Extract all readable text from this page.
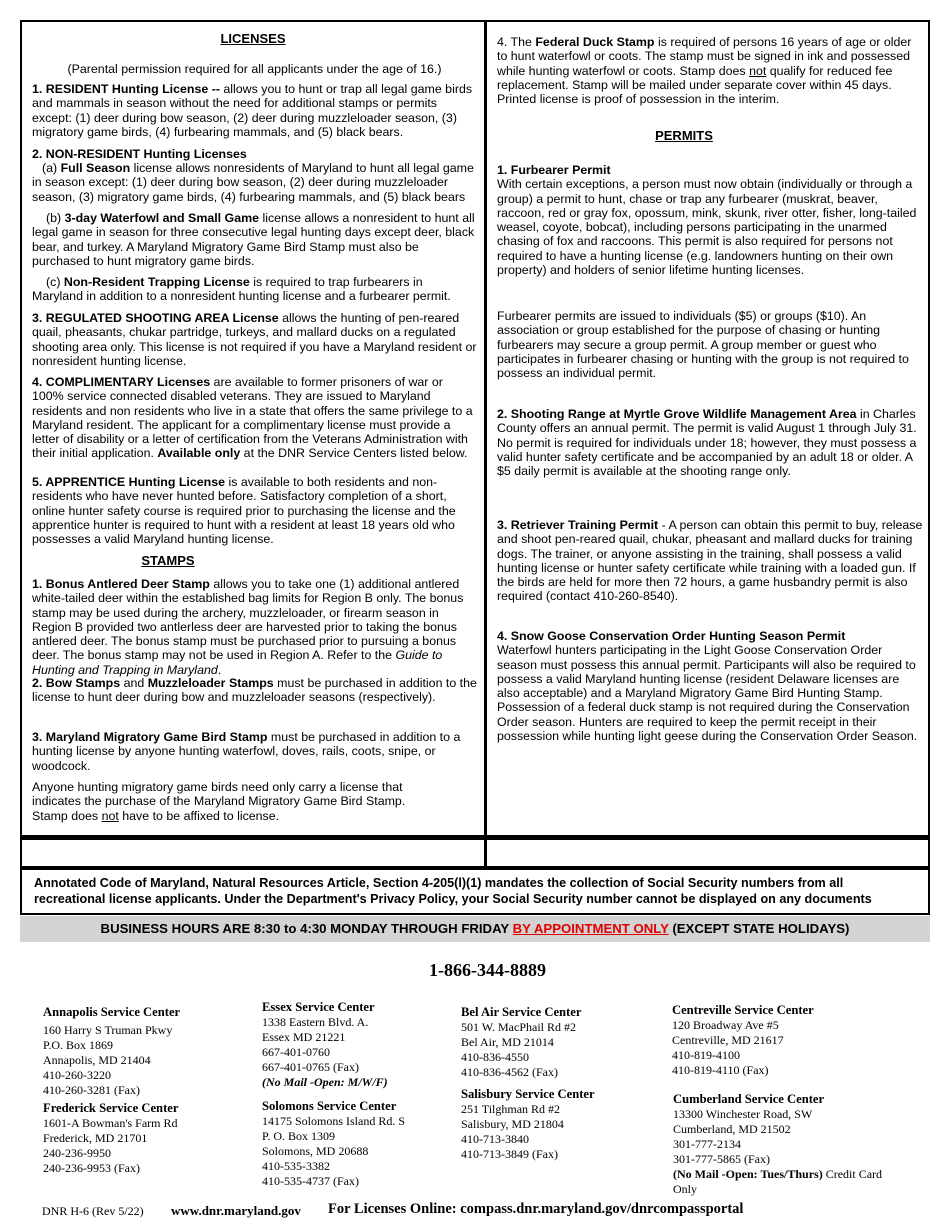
LICENSES

(Parental permission required for all applicants under the age of 16.)

1. RESIDENT Hunting License -- allows you to hunt or trap all legal game birds and mammals in season without the need for additional stamps or permits except: (1) deer during bow season, (2) deer during muzzleloader season, (3) migratory game birds, (4) furbearing mammals, and (5) black bears.

2. NON-RESIDENT Hunting Licenses

(a) Full Season license allows nonresidents of Maryland to hunt all legal game in season except: (1) deer during bow season, (2) deer during muzzleloader season, (3) migratory game birds, (4) furbearing mammals, and (5) black bears

(b) 3-day Waterfowl and Small Game license allows a nonresident to hunt all legal game in season for three consecutive legal hunting days except deer, black bear, and turkey. A Maryland Migratory Game Bird Stamp must also be purchased to hunt migratory game birds.

(c) Non-Resident Trapping License is required to trap furbearers in Maryland in addition to a nonresident hunting license and a furbearer permit.

3. REGULATED SHOOTING AREA License allows the hunting of pen-reared quail, pheasants, chukar partridge, turkeys, and mallard ducks on a regulated shooting area only. This license is not required if you have a Maryland resident or nonresident hunting license.

4. COMPLIMENTARY Licenses are available to former prisoners of war or 100% service connected disabled veterans. They are issued to Maryland residents and non residents who live in a state that offers the same privilege to a Maryland resident. The applicant for a complimentary license must provide a letter of disability or a letter of certification from the Veterans Administration with their initial application. Available only at the DNR Service Centers listed below.

5. APPRENTICE Hunting License is available to both residents and non-residents who have never hunted before. Satisfactory completion of a short, online hunter safety course is required prior to purchasing the license and the apprentice hunter is required to hunt with a resident at least 18 years old who possesses a valid Maryland hunting license.

STAMPS

1. Bonus Antlered Deer Stamp allows you to take one (1) additional antlered white-tailed deer within the established bag limits for Region B only. The bonus stamp may be used during the archery, muzzleloader, or firearm season in Region B provided two antlerless deer are harvested prior to taking the bonus antlered deer. The bonus stamp must be purchased prior to pursuing a bonus deer. The bonus stamp may not be used in Region A. Refer to the Guide to Hunting and Trapping in Maryland.

2. Bow Stamps and Muzzleloader Stamps must be purchased in addition to the license to hunt deer during bow and muzzleloader seasons (respectively).

3. Maryland Migratory Game Bird Stamp must be purchased in addition to a hunting license by anyone hunting waterfowl, doves, rails, coots, snipe, or woodcock.

Anyone hunting migratory game birds need only carry a license that indicates the purchase of the Maryland Migratory Game Bird Stamp. Stamp does not have to be affixed to license.

4. The Federal Duck Stamp is required of persons 16 years of age or older to hunt waterfowl or coots. The stamp must be signed in ink and possessed while hunting waterfowl or coots. Stamp does not qualify for reduced fee replacement. Stamp will be mailed under separate cover within 45 days. Printed license is proof of possession in the interim.

PERMITS

1. Furbearer Permit
With certain exceptions, a person must now obtain (individually or through a group) a permit to hunt, chase or trap any furbearer (muskrat, beaver, raccoon, red or gray fox, opossum, mink, skunk, river otter, fisher, long-tailed weasel, coyote, bobcat), including persons participating in the unarmed chasing of fox and raccoons. This permit is also required for persons not required to have a hunting license (e.g. landowners hunting on their own property) and holders of senior lifetime hunting licenses.

Furbearer permits are issued to individuals ($5) or groups ($10). An association or group established for the purpose of chasing or hunting furbearers may secure a group permit. A group member or guest who participates in furbearer chasing or hunting with the group is not required to possess an individual permit.

2. Shooting Range at Myrtle Grove Wildlife Management Area in Charles County offers an annual permit. The permit is valid August 1 through July 31. No permit is required for individuals under 18; however, they must possess a valid hunter safety certificate and be accompanied by an adult 18 or older. A $5 daily permit is available at the shooting range only.

3. Retriever Training Permit - A person can obtain this permit to buy, release and shoot pen-reared quail, chukar, pheasant and mallard ducks for training dogs. The trainer, or anyone assisting in the training, shall possess a valid hunting license or hunter safety certificate while training with a loaded gun. If the birds are held for more then 72 hours, a game husbandry permit is also required (contact 410-260-8540).

4. Snow Goose Conservation Order Hunting Season Permit
Waterfowl hunters participating in the Light Goose Conservation Order season must possess this annual permit. Participants will also be required to possess a valid Maryland hunting license (resident Delaware licenses are also acceptable) and a Maryland Migratory Game Bird Hunting Stamp. Possession of a federal duck stamp is not required during the Conservation Order season. Hunters are required to keep the permit receipt in their possession while hunting light geese during the Conservation Order Season.

Annotated Code of Maryland, Natural Resources Article, Section 4-205(l)(1) mandates the collection of Social Security numbers from all recreational license applicants. Under the Department's Privacy Policy, your Social Security number cannot be displayed on any documents
BUSINESS HOURS ARE 8:30 to 4:30 MONDAY THROUGH FRIDAY BY APPOINTMENT ONLY (EXCEPT STATE HOLIDAYS)
1-866-344-8889
Annapolis Service Center
160 Harry S Truman Pkwy
P.O. Box 1869
Annapolis, MD 21404
410-260-3220
410-260-3281 (Fax)
Frederick Service Center
1601-A Bowman's Farm Rd
Frederick, MD 21701
240-236-9950
240-236-9953 (Fax)
Essex Service Center
1338 Eastern Blvd. A.
Essex MD 21221
667-401-0760
667-401-0765 (Fax)
(No Mail -Open: M/W/F)
Solomons Service Center
14175 Solomons Island Rd. S
P. O. Box 1309
Solomons, MD 20688
410-535-3382
410-535-4737 (Fax)
Bel Air Service Center
501 W. MacPhail Rd #2
Bel Air, MD 21014
410-836-4550
410-836-4562 (Fax)
Salisbury Service Center
251 Tilghman Rd #2
Salisbury, MD 21804
410-713-3840
410-713-3849 (Fax)
Centreville Service Center
120 Broadway Ave #5
Centreville, MD 21617
410-819-4100
410-819-4110 (Fax)
Cumberland Service Center
13300 Winchester Road, SW
Cumberland, MD 21502
301-777-2134
301-777-5865 (Fax)
(No Mail -Open: Tues/Thurs) Credit Card Only
DNR H-6 (Rev 5/22) www.dnr.maryland.gov For Licenses Online: compass.dnr.maryland.gov/dnrcompassportal
